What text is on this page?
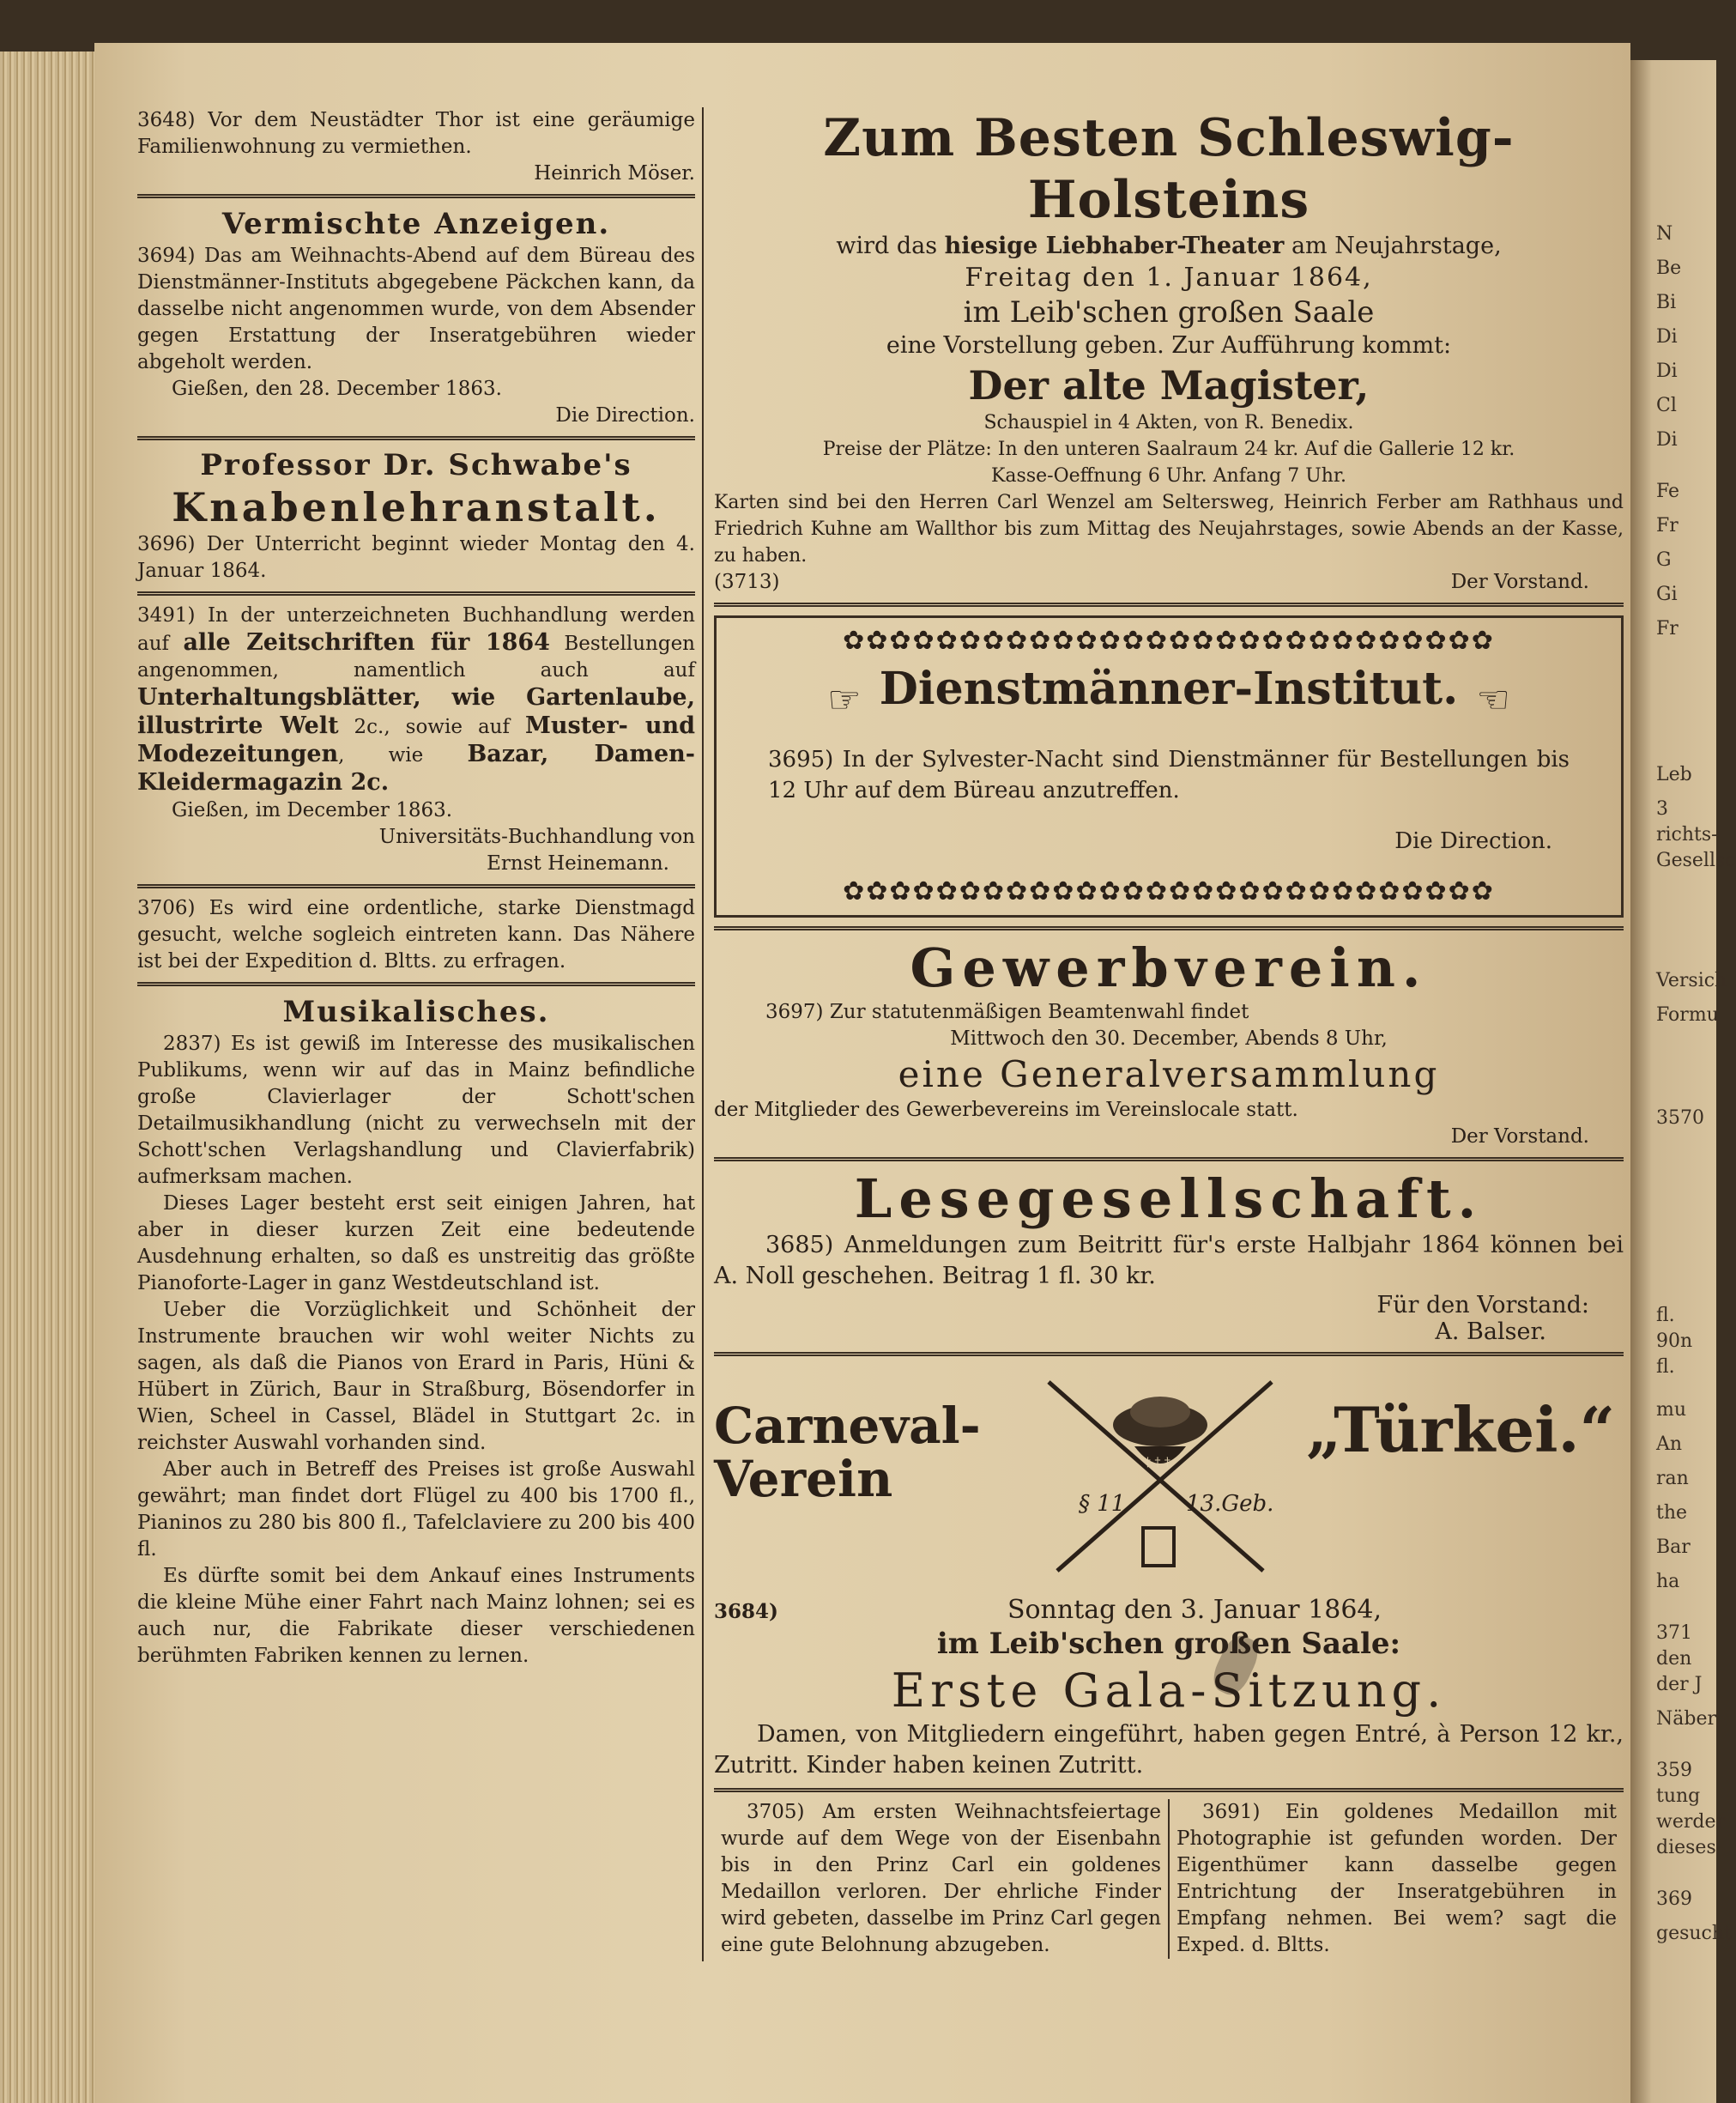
N
Be
Bi
Di
Di
Cl
Di
Fe
Fr
G
Gi
Fr
Leb
3
richts-
Gesellsc
Versich
Formu
3570
fl.
90n
fl.
mu
An
ran
the
Bar
ha
371
den
der J
Näber
359
tung
werder
dieses
369
gesucht

3648) Vor dem Neustädter Thor ist eine geräumige Familienwohnung zu vermiethen.

Heinrich Möser.

Vermischte Anzeigen.

3694) Das am Weihnachts-Abend auf dem Büreau des Dienstmänner-Instituts abgegebene Päckchen kann, da dasselbe nicht angenommen wurde, von dem Absender gegen Erstattung der Inseratgebühren wieder abgeholt werden.

Gießen, den 28. December 1863.

Die Direction.

Professor Dr. Schwabe's
Knabenlehranstalt.

3696) Der Unterricht beginnt wieder Montag den 4. Januar 1864.

3491) In der unterzeichneten Buchhandlung werden auf alle Zeitschriften für 1864 Bestellungen angenommen, namentlich auch auf Unterhaltungsblätter, wie Gartenlaube, illustrirte Welt 2c., sowie auf Muster- und Modezeitungen, wie Bazar, Damen-Kleidermagazin 2c.

Gießen, im December 1863.

Universitäts-Buchhandlung von

Ernst Heinemann.

3706) Es wird eine ordentliche, starke Dienstmagd gesucht, welche sogleich eintreten kann. Das Nähere ist bei der Expedition d. Bltts. zu erfragen.

Musikalisches.

2837) Es ist gewiß im Interesse des musikalischen Publikums, wenn wir auf das in Mainz befindliche große Clavierlager der Schott'schen Detailmusikhandlung (nicht zu verwechseln mit der Schott'schen Verlagshandlung und Clavierfabrik) aufmerksam machen.

Dieses Lager besteht erst seit einigen Jahren, hat aber in dieser kurzen Zeit eine bedeutende Ausdehnung erhalten, so daß es unstreitig das größte Pianoforte-Lager in ganz Westdeutschland ist.

Ueber die Vorzüglichkeit und Schönheit der Instrumente brauchen wir wohl weiter Nichts zu sagen, als daß die Pianos von Erard in Paris, Hüni & Hübert in Zürich, Baur in Straßburg, Bösendorfer in Wien, Scheel in Cassel, Blädel in Stuttgart 2c. in reichster Auswahl vorhanden sind.

Aber auch in Betreff des Preises ist große Auswahl gewährt; man findet dort Flügel zu 400 bis 1700 fl., Pianinos zu 280 bis 800 fl., Tafelclaviere zu 200 bis 400 fl.

Es dürfte somit bei dem Ankauf eines Instruments die kleine Mühe einer Fahrt nach Mainz lohnen; sei es auch nur, die Fabrikate dieser verschiedenen berühmten Fabriken kennen zu lernen.

Zum Besten Schleswig-Holsteins

wird das hiesige Liebhaber-Theater am Neujahrstage,

Freitag den 1. Januar 1864,

im Leib'schen großen Saale

eine Vorstellung geben. Zur Aufführung kommt:

Der alte Magister,

Schauspiel in 4 Akten, von R. Benedix.

Preise der Plätze: In den unteren Saalraum 24 kr. Auf die Gallerie 12 kr.

Kasse-Oeffnung 6 Uhr. Anfang 7 Uhr.

Karten sind bei den Herren Carl Wenzel am Seltersweg, Heinrich Ferber am Rathhaus und Friedrich Kuhne am Wallthor bis zum Mittag des Neujahrstages, sowie Abends an der Kasse, zu haben.

(3713)	Der Vorstand.

✿✿✿✿✿✿✿✿✿✿✿✿✿✿✿✿✿✿✿✿✿✿✿✿✿✿✿✿
☞ Dienstmänner-Institut. ☜

3695) In der Sylvester-Nacht sind Dienstmänner für Bestellungen bis 12 Uhr auf dem Büreau anzutreffen.

Die Direction.

✿✿✿✿✿✿✿✿✿✿✿✿✿✿✿✿✿✿✿✿✿✿✿✿✿✿✿✿
Gewerbverein.

3697) Zur statutenmäßigen Beamtenwahl findet

Mittwoch den 30. December, Abends 8 Uhr,

eine Generalversammlung

der Mitglieder des Gewerbevereins im Vereinslocale statt.

Der Vorstand.

Lesegesellschaft.

3685) Anmeldungen zum Beitritt für's erste Halbjahr 1864 können bei A. Noll geschehen. Beitrag 1 fl. 30 kr.

Für den Vorstand:

A. Balser.

Carneval-
Verein	† † †
§ 11	13.Geb.
„Türkei.“

3684)	Sonntag den 3. Januar 1864,

im Leib'schen großen Saale:

Erste Gala-Sitzung.

Damen, von Mitgliedern eingeführt, haben gegen Entré, à Person 12 kr., Zutritt. Kinder haben keinen Zutritt.

3705) Am ersten Weihnachtsfeiertage wurde auf dem Wege von der Eisenbahn bis in den Prinz Carl ein goldenes Medaillon verloren. Der ehrliche Finder wird gebeten, dasselbe im Prinz Carl gegen eine gute Belohnung abzugeben.

3691) Ein goldenes Medaillon mit Photographie ist gefunden worden. Der Eigenthümer kann dasselbe gegen Entrichtung der Inseratgebühren in Empfang nehmen. Bei wem? sagt die Exped. d. Bltts.
